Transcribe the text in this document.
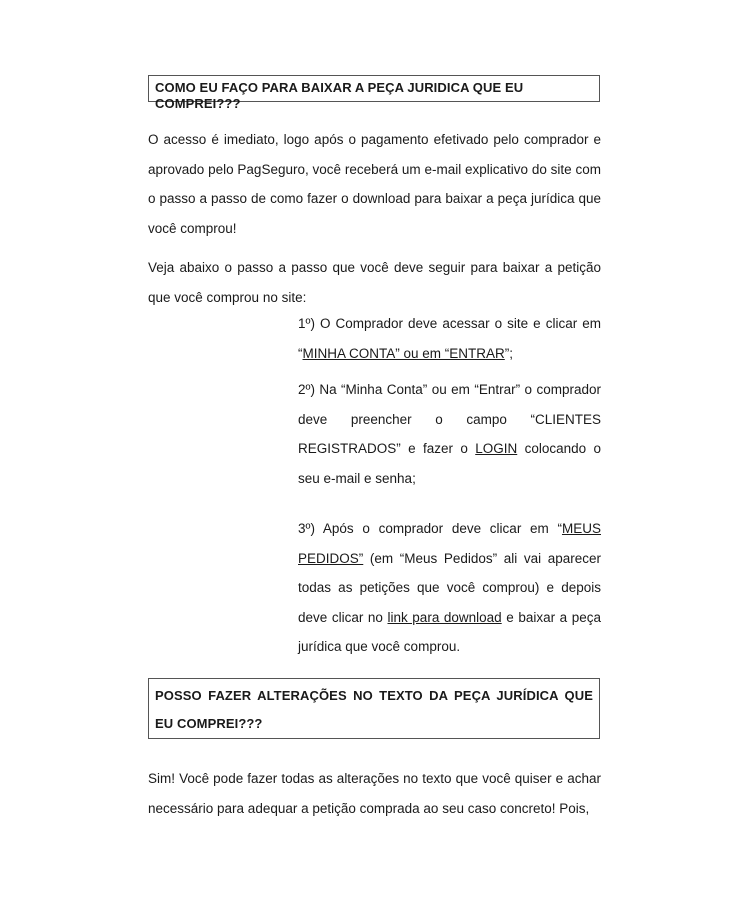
COMO EU FAÇO PARA BAIXAR A PEÇA JURIDICA QUE EU COMPREI???

O acesso é imediato, logo após o pagamento efetivado pelo comprador e aprovado pelo PagSeguro, você receberá um e-mail explicativo do site com o passo a passo de como fazer o download para baixar a peça jurídica que você comprou!

Veja abaixo o passo a passo que você deve seguir para baixar a petição que você comprou no site:

1º) O Comprador deve acessar o site e clicar em “MINHA CONTA” ou em “ENTRAR”;

2º) Na “Minha Conta” ou em “Entrar” o comprador deve preencher o campo “CLIENTES REGISTRADOS” e fazer o LOGIN colocando o seu e-mail e senha;

3º) Após o comprador deve clicar em “MEUS PEDIDOS” (em “Meus Pedidos” ali vai aparecer todas as petições que você comprou) e depois deve clicar no link para download e baixar a peça jurídica que você comprou.

POSSO FAZER ALTERAÇÕES NO TEXTO DA PEÇA JURÍDICA QUE EU COMPREI???

Sim! Você pode fazer todas as alterações no texto que você quiser e achar necessário para adequar a petição comprada ao seu caso concreto! Pois,
